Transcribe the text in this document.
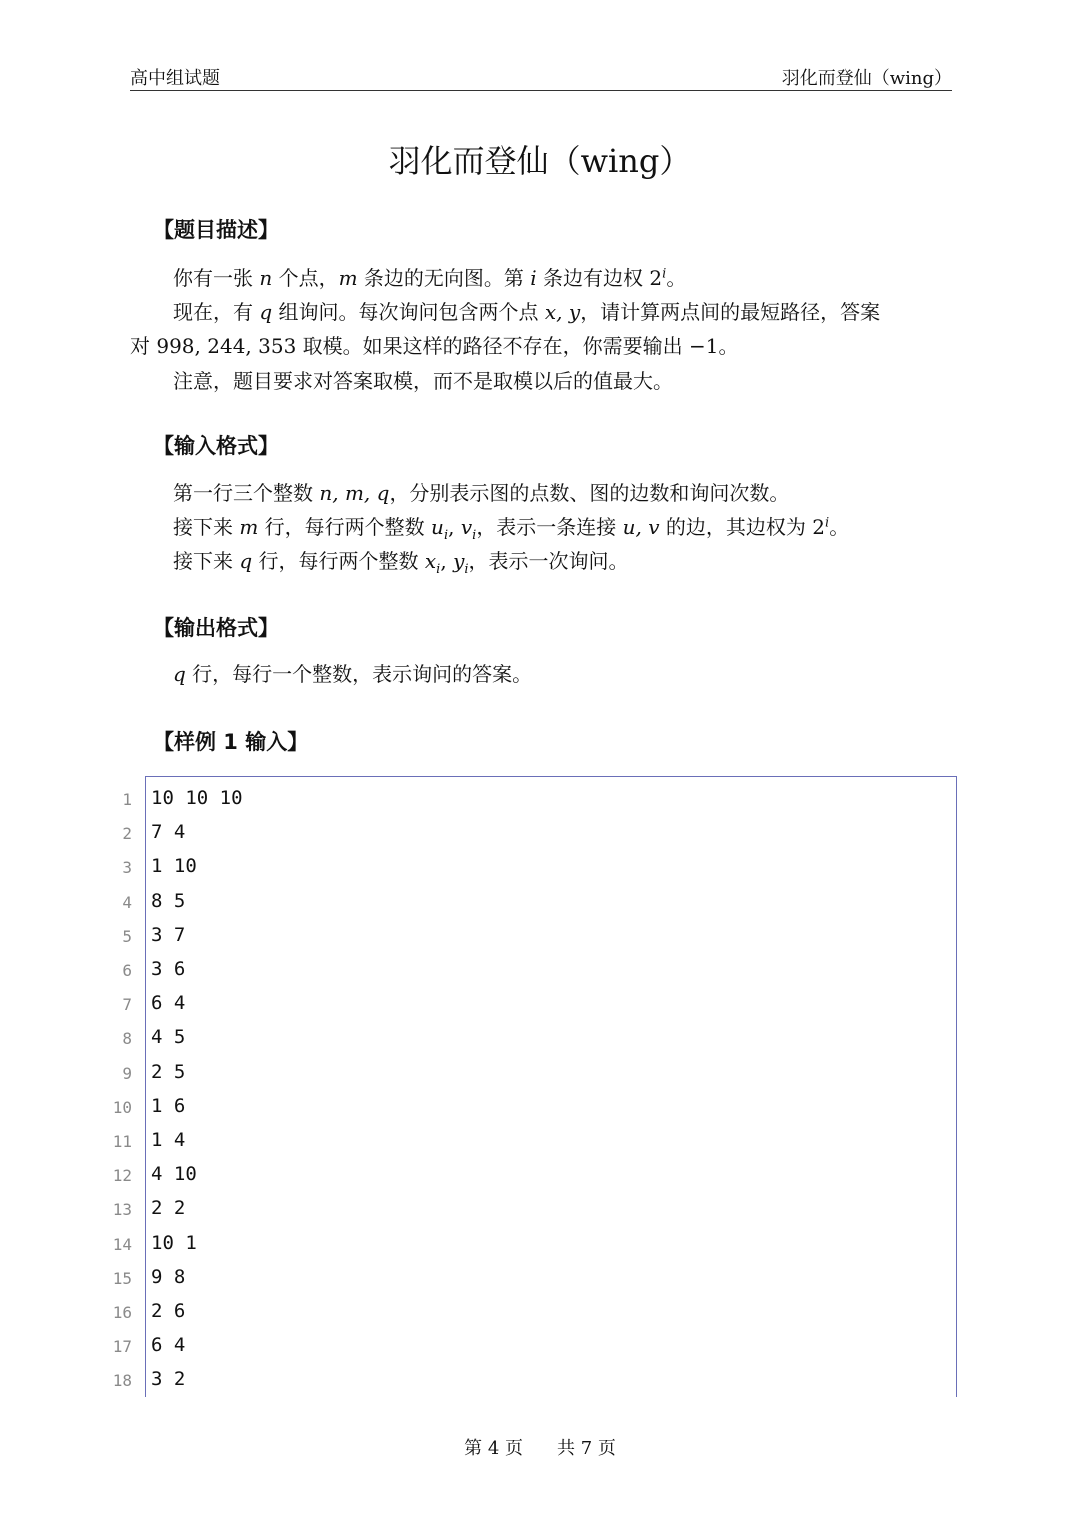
高中组试题	羽化而登仙（wing）
羽化而登仙（wing）
【题目描述】
你有一张 n 个点，m 条边的无向图。第 i 条边有边权 2$^i$。
现在，有 q 组询问。每次询问包含两个点 x, y，请计算两点间的最短路径，答案
对 998, 244, 353 取模。如果这样的路径不存在，你需要输出 −1。
注意，题目要求对答案取模，而不是取模以后的值最大。
【输入格式】
第一行三个整数 n, m, q，分别表示图的点数、图的边数和询问次数。
接下来 m 行，每行两个整数 $u_i$, $v_i$，表示一条连接 u, v 的边，其边权为 2$^i$。
接下来 q 行，每行两个整数 $x_i$, $y_i$，表示一次询问。
【输出格式】
q 行，每行一个整数，表示询问的答案。
【样例 1 输入】
1 10 10 10
2 7 4
3 1 10
4 8 5
5 3 7
6 3 6
7 6 4
8 4 5
9 2 5
10 1 6
11 1 4
12 4 10
13 2 2
14 10 1
15 9 8
16 2 6
17 6 4
18 3 2
第 4 页 共 7 页
